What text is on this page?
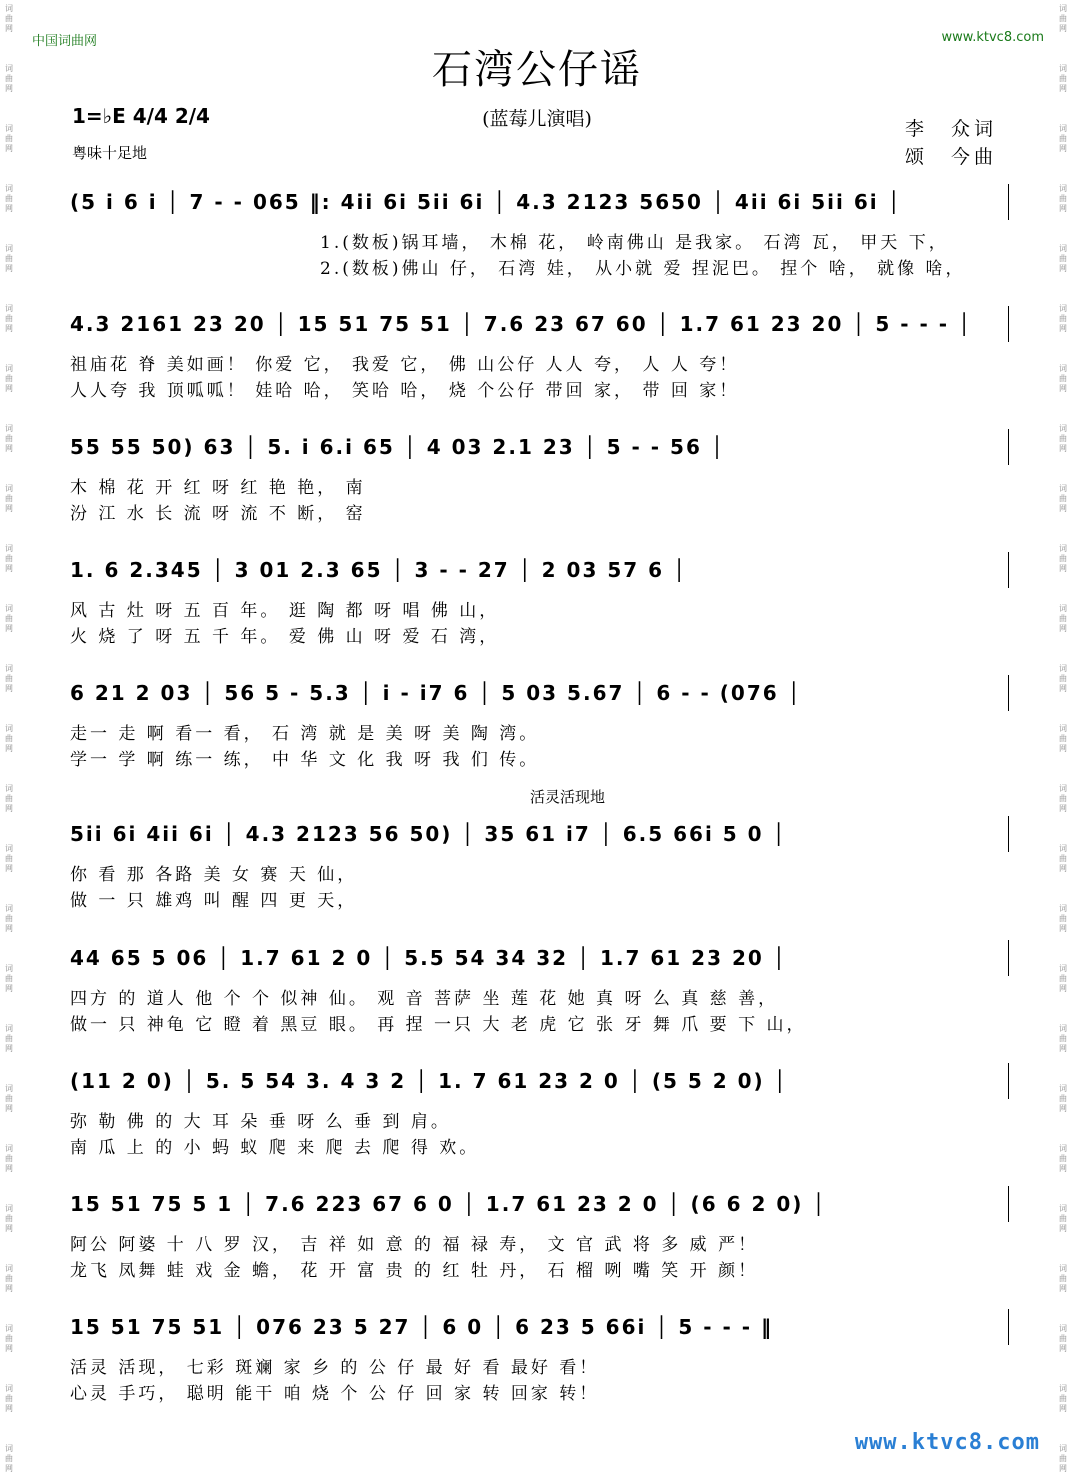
词
曲
网
词
曲
网
词
曲
网
词
曲
网
词
曲
网
词
曲
网
词
曲
网
词
曲
网
词
曲
网
词
曲
网
词
曲
网
词
曲
网
词
曲
网
词
曲
网
词
曲
网
词
曲
网
词
曲
网
词
曲
网
词
曲
网
词
曲
网
词
曲
网
词
曲
网
词
曲
网
词
曲
网
词
曲
网
词
曲
网
词
曲
网
词
曲
网
词
曲
网
词
曲
网
词
曲
网
词
曲
网
词
曲
网
词
曲
网
词
曲
网
词
曲
网
词
曲
网
词
曲
网
词
曲
网
词
曲
网
词
曲
网
词
曲
网
词
曲
网
词
曲
网
词
曲
网
词
曲
网
词
曲
网
词
曲
网
词
曲
网
词
曲
网
中国词曲网	www.ktvc8.com
石湾公仔谣
(蓝莓儿演唱)
1=♭E 4/4 2/4
粤味十足地
李　众词
颂　今曲
(5 i 6 i │ 7 - - 065 ‖: 4ii 6i 5ii 6i │ 4.3 2123 5650 │ 4ii 6i 5ii 6i │
1.(数板)锅耳墙， 木棉 花， 岭南佛山 是我家。 石湾 瓦， 甲天 下，
2.(数板)佛山 仔， 石湾 娃， 从小就 爱 捏泥巴。 捏个 啥， 就像 啥，
4.3 2161 23 20 │ 15 51 75 51 │ 7.6 23 67 60 │ 1.7 61 23 20 │ 5 - - - │
祖庙花 脊 美如画！ 你爱 它， 我爱 它， 佛 山公仔 人人 夸， 人 人 夸！
人人夸 我 顶呱呱！ 娃哈 哈， 笑哈 哈， 烧 个公仔 带回 家， 带 回 家！
55 55 50) 63 │ 5. i 6.i 65 │ 4 03 2.1 23 │ 5 - - 56 │
木 棉 花 开 红 呀 红 艳 艳， 南
汾 江 水 长 流 呀 流 不 断， 窑
1. 6 2.345 │ 3 01 2.3 65 │ 3 - - 27 │ 2 03 57 6 │
风 古 灶 呀 五 百 年。 逛 陶 都 呀 唱 佛 山，
火 烧 了 呀 五 千 年。 爱 佛 山 呀 爱 石 湾，
6 21 2 03 │ 56 5 - 5.3 │ i - i7 6 │ 5 03 5.67 │ 6 - - (076 │
走一 走 啊 看一 看， 石 湾 就 是 美 呀 美 陶 湾。
学一 学 啊 练一 练， 中 华 文 化 我 呀 我 们 传。
活灵活现地
5ii 6i 4ii 6i │ 4.3 2123 56 50) │ 35 61 i7 │ 6.5 66i 5 0 │
你 看 那 各路 美 女 赛 天 仙，
做 一 只 雄鸡 叫 醒 四 更 天，
44 65 5 06 │ 1.7 61 2 0 │ 5.5 54 34 32 │ 1.7 61 23 20 │
四方 的 道人 他 个 个 似神 仙。 观 音 菩萨 坐 莲 花 她 真 呀 么 真 慈 善，
做一 只 神龟 它 瞪 着 黑豆 眼。 再 捏 一只 大 老 虎 它 张 牙 舞 爪 要 下 山，
(11 2 0) │ 5. 5 54 3. 4 3 2 │ 1. 7 61 23 2 0 │ (5 5 2 0) │
弥 勒 佛 的 大 耳 朵 垂 呀 么 垂 到 肩。
南 瓜 上 的 小 蚂 蚁 爬 来 爬 去 爬 得 欢。
15 51 75 5 1 │ 7.6 223 67 6 0 │ 1.7 61 23 2 0 │ (6 6 2 0) │
阿公 阿婆 十 八 罗 汉， 吉 祥 如 意 的 福 禄 寿， 文 官 武 将 多 威 严！
龙飞 凤舞 蛙 戏 金 蟾， 花 开 富 贵 的 红 牡 丹， 石 榴 咧 嘴 笑 开 颜！
15 51 75 51 │ 076 23 5 27 │ 6 0 │ 6 23 5 66i │ 5 - - - ‖
活灵 活现， 七彩 斑斓 家 乡 的 公 仔 最 好 看 最好 看！
心灵 手巧， 聪明 能干 咱 烧 个 公 仔 回 家 转 回家 转！
www.ktvc8.com
